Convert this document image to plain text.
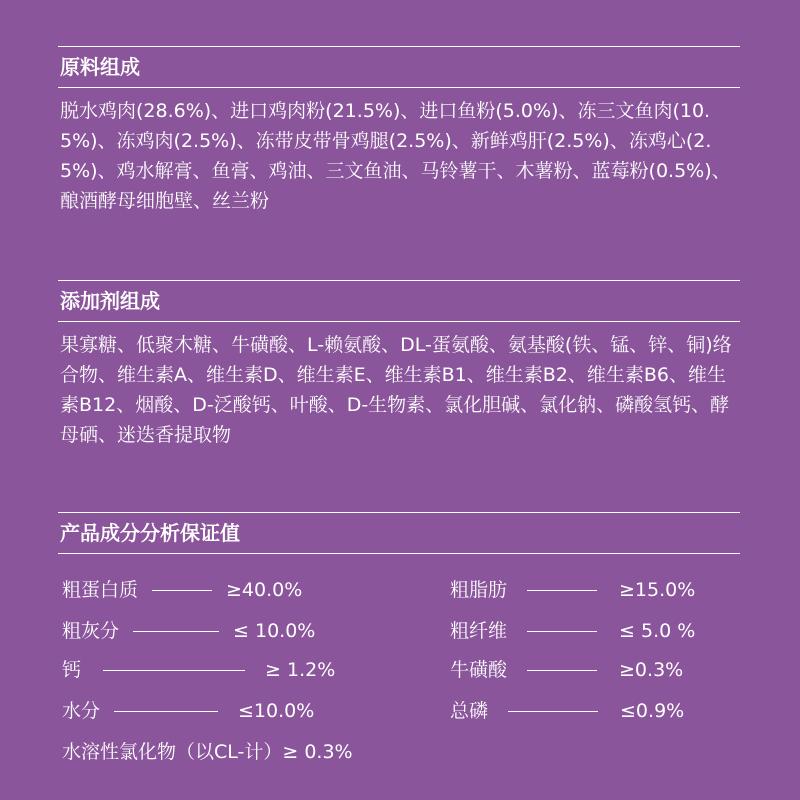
原料组成
脱水鸡肉(28.6%)、进口鸡肉粉(21.5%)、进口鱼粉(5.0%)、冻三文鱼肉(10.5%)、冻鸡肉(2.5%)、冻带皮带骨鸡腿(2.5%)、新鲜鸡肝(2.5%)、冻鸡心(2.5%)、鸡水解膏、鱼膏、鸡油、三文鱼油、马铃薯干、木薯粉、蓝莓粉(0.5%)、酿酒酵母细胞壁、丝兰粉
添加剂组成
果寡糖、低聚木糖、牛磺酸、L-赖氨酸、DL-蛋氨酸、氨基酸(铁、锰、锌、铜)络合物、维生素A、维生素D、维生素E、维生素B1、维生素B2、维生素B6、维生素B12、烟酸、D-泛酸钙、叶酸、D-生物素、氯化胆碱、氯化钠、磷酸氢钙、酵母硒、迷迭香提取物
产品成分分析保证值
粗蛋白质	≥40.0%
粗灰分	≤ 10.0%
钙	≥ 1.2%
水分	≤10.0%
粗脂肪	≥15.0%
粗纤维	≤ 5.0 %
牛磺酸	≥0.3%
总磷	≤0.9%
水溶性氯化物（以CL-计）≥ 0.3%
